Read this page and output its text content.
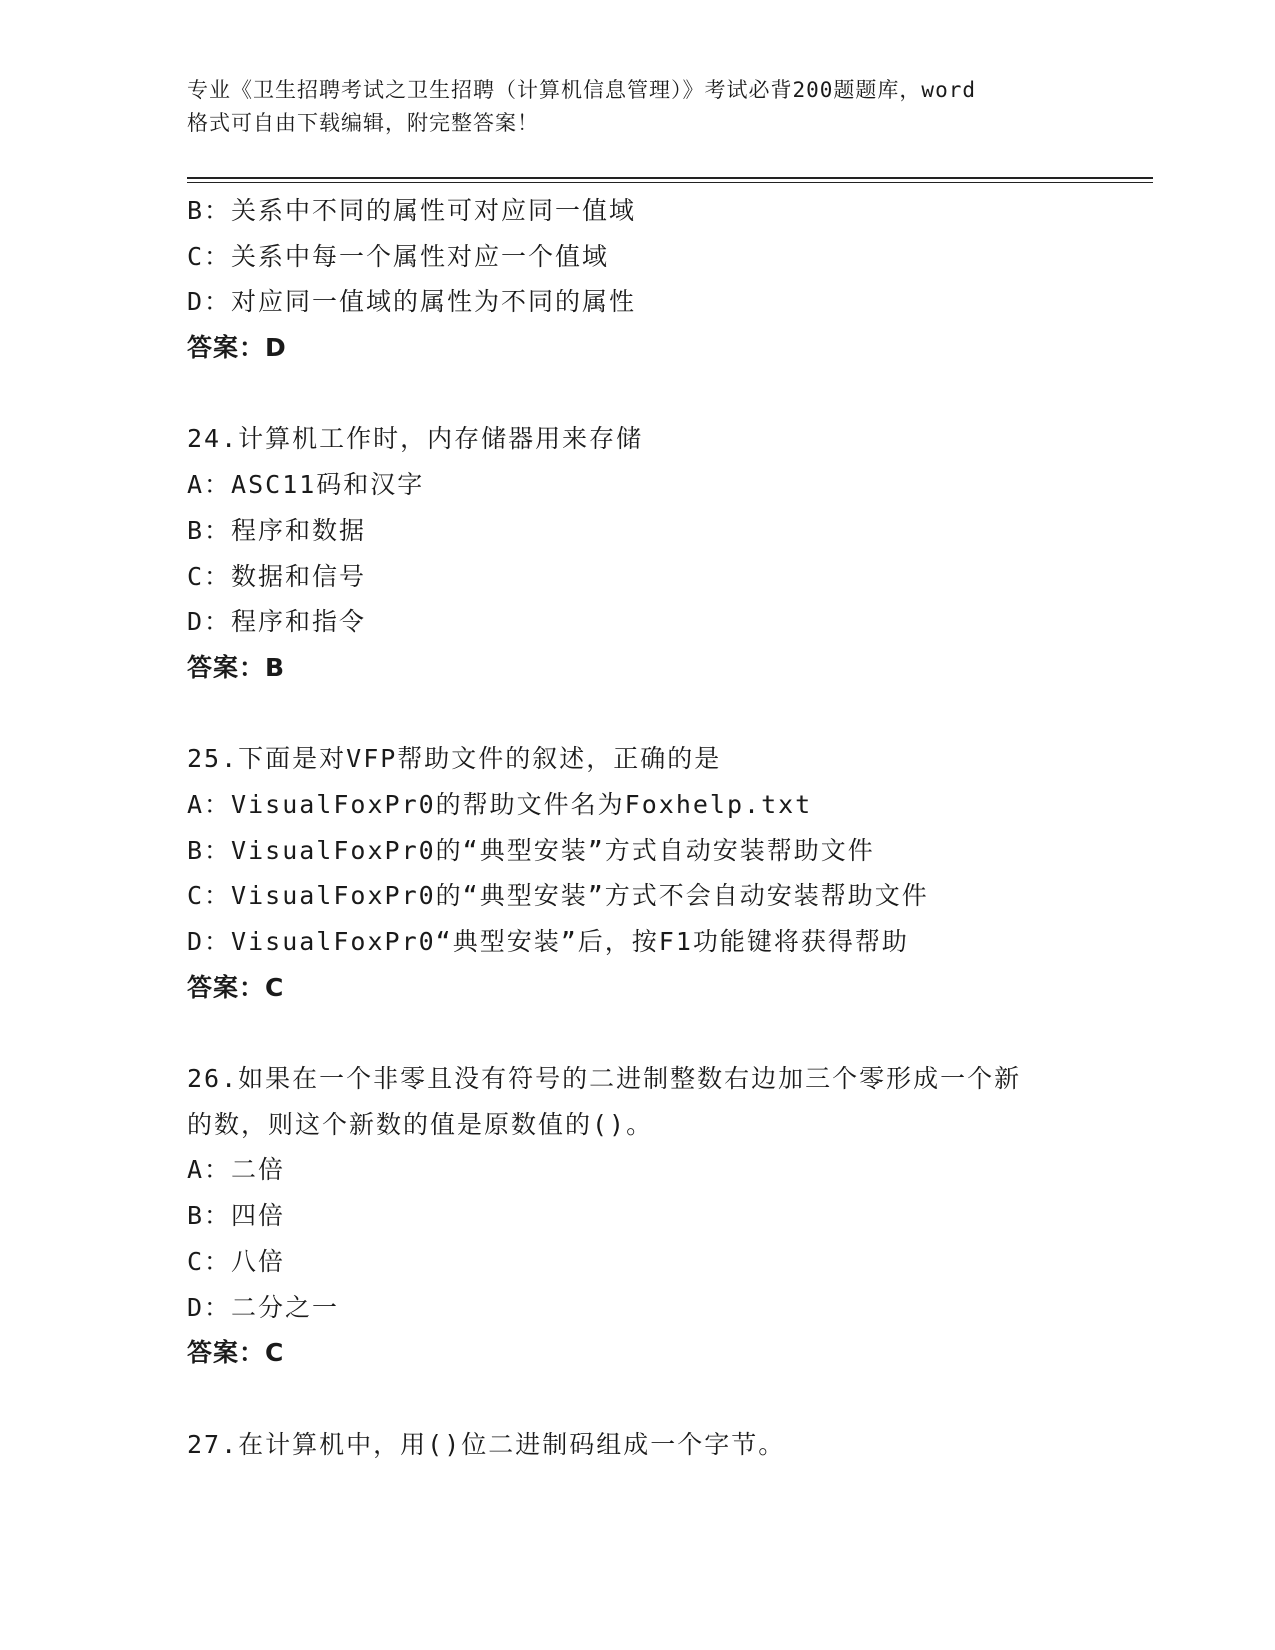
专业《卫生招聘考试之卫生招聘（计算机信息管理）》考试必背200题题库，word
格式可自由下载编辑，附完整答案！
B：关系中不同的属性可对应同一值域
C：关系中每一个属性对应一个值域
D：对应同一值域的属性为不同的属性
答案：D
24.计算机工作时，内存储器用来存储
A：ASC11码和汉字
B：程序和数据
C：数据和信号
D：程序和指令
答案：B
25.下面是对VFP帮助文件的叙述，正确的是
A：VisualFoxPr0的帮助文件名为Foxhelp.txt
B：VisualFoxPr0的“典型安装”方式自动安装帮助文件
C：VisualFoxPr0的“典型安装”方式不会自动安装帮助文件
D：VisualFoxPr0“典型安装”后，按F1功能键将获得帮助
答案：C
26.如果在一个非零且没有符号的二进制整数右边加三个零形成一个新
的数，则这个新数的值是原数值的()。
A：二倍
B：四倍
C：八倍
D：二分之一
答案：C
27.在计算机中，用()位二进制码组成一个字节。
